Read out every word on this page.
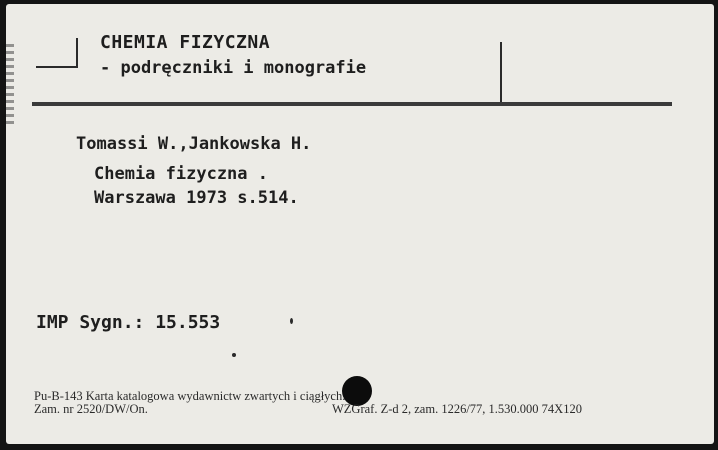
CHEMIA FIZYCZNA
- podręczniki i monografie
Tomassi W.,Jankowska H.
Chemia fizyczna .
Warszawa 1973 s.514.
IMP Sygn.: 15.553
Pu-B-143 Karta katalogowa wydawnictw zwartych i ciągłych.
Zam. nr 2520/DW/On.	WZGraf. Z-d 2, zam. 1226/77, 1.530.000 74X120
